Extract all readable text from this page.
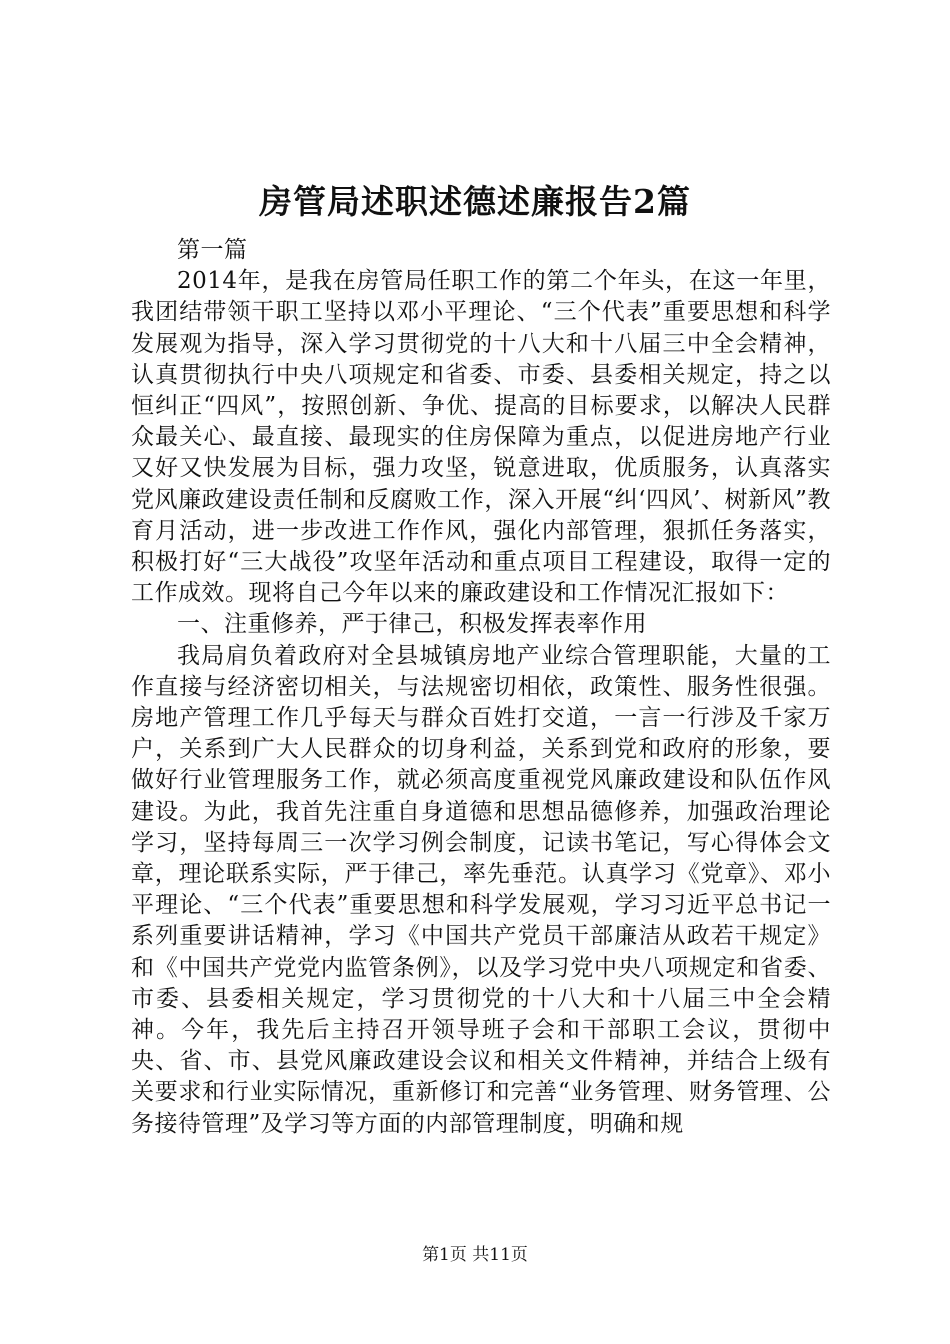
房管局述职述德述廉报告2篇

第一篇

2014年，是我在房管局任职工作的第二个年头，在这一年里，我团结带领干职工坚持以邓小平理论、“三个代表”重要思想和科学发展观为指导，深入学习贯彻党的十八大和十八届三中全会精神，认真贯彻执行中央八项规定和省委、市委、县委相关规定，持之以恒纠正“四风”，按照创新、争优、提高的目标要求，以解决人民群众最关心、最直接、最现实的住房保障为重点，以促进房地产行业又好又快发展为目标，强力攻坚，锐意进取，优质服务，认真落实党风廉政建设责任制和反腐败工作，深入开展“纠‘四风’、树新风”教育月活动，进一步改进工作作风，强化内部管理，狠抓任务落实，积极打好“三大战役”攻坚年活动和重点项目工程建设，取得一定的工作成效。现将自己今年以来的廉政建设和工作情况汇报如下：

一、注重修养，严于律己，积极发挥表率作用

我局肩负着政府对全县城镇房地产业综合管理职能，大量的工作直接与经济密切相关，与法规密切相依，政策性、服务性很强。房地产管理工作几乎每天与群众百姓打交道，一言一行涉及千家万户，关系到广大人民群众的切身利益，关系到党和政府的形象，要做好行业管理服务工作，就必须高度重视党风廉政建设和队伍作风建设。为此，我首先注重自身道德和思想品德修养，加强政治理论学习，坚持每周三一次学习例会制度，记读书笔记，写心得体会文章，理论联系实际，严于律己，率先垂范。认真学习《党章》、邓小平理论、“三个代表”重要思想和科学发展观，学习习近平总书记一系列重要讲话精神，学习《中国共产党员干部廉洁从政若干规定》和《中国共产党党内监管条例》，以及学习党中央八项规定和省委、市委、县委相关规定，学习贯彻党的十八大和十八届三中全会精神。今年，我先后主持召开领导班子会和干部职工会议，贯彻中央、省、市、县党风廉政建设会议和相关文件精神，并结合上级有关要求和行业实际情况，重新修订和完善“业务管理、财务管理、公务接待管理”及学习等方面的内部管理制度，明确和规

第1页 共11页
